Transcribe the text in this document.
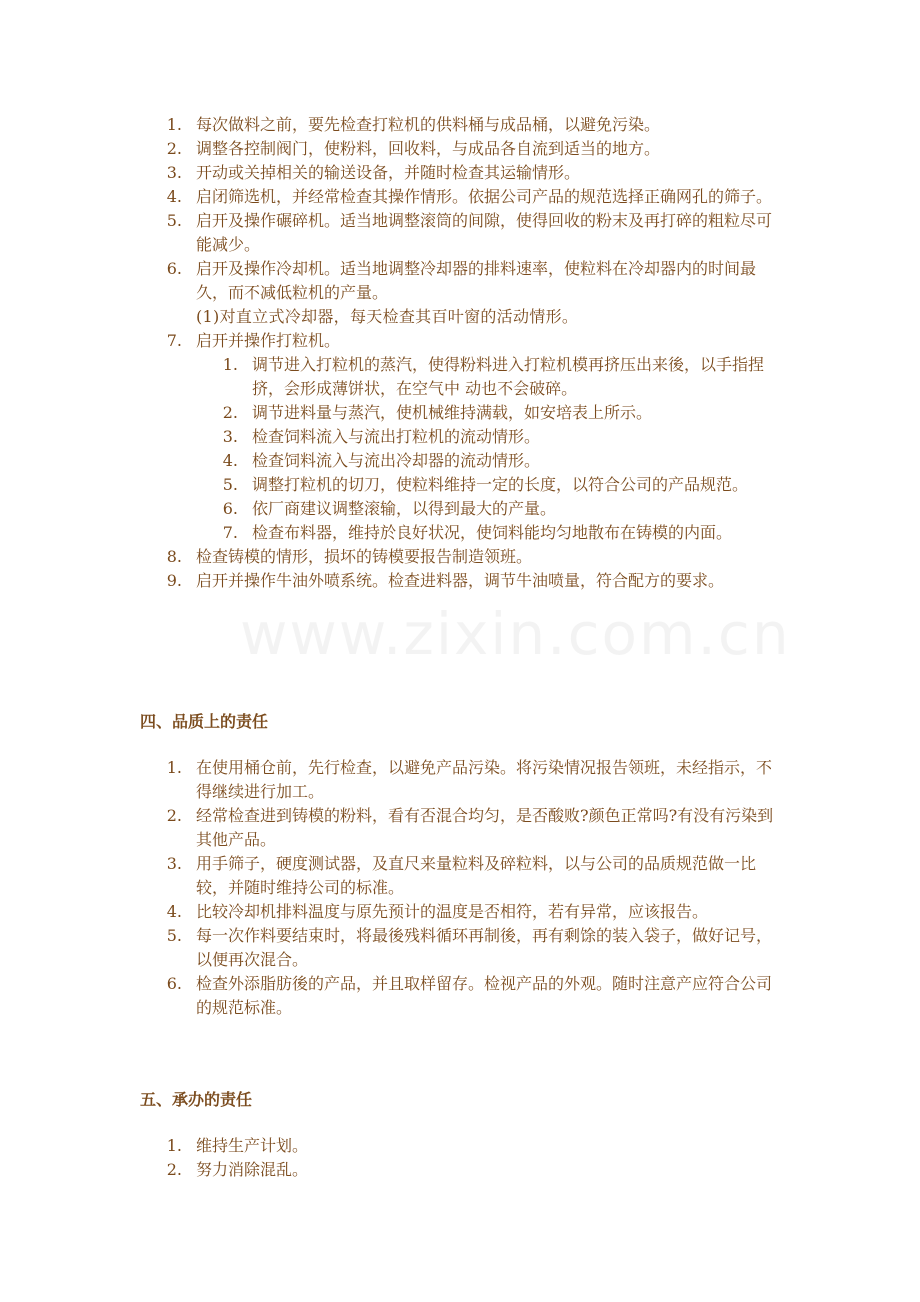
www.zixin.com.cn
1. 每次做料之前，要先检查打粒机的供料桶与成品桶，以避免污染。
2. 调整各控制阀门，使粉料，回收料，与成品各自流到适当的地方。
3. 开动或关掉相关的输送设备，并随时检查其运输情形。
4. 启闭筛选机，并经常检查其操作情形。依据公司产品的规范选择正确网孔的筛子。
5. 启开及操作碾碎机。适当地调整滚筒的间隙，使得回收的粉末及再打碎的粗粒尽可能减少。
6. 启开及操作冷却机。适当地调整冷却器的排料速率，使粒料在冷却器内的时间最久，而不减低粒机的产量。
(1)对直立式冷却器，每天检查其百叶窗的活动情形。
7. 启开并操作打粒机。
1. 调节进入打粒机的蒸汽，使得粉料进入打粒机模再挤压出来後，以手指捏挤，会形成薄饼状，在空气中 动也不会破碎。
2. 调节进料量与蒸汽，使机械维持满载，如安培表上所示。
3. 检查饲料流入与流出打粒机的流动情形。
4. 检查饲料流入与流出冷却器的流动情形。
5. 调整打粒机的切刀，使粒料维持一定的长度，以符合公司的产品规范。
6. 依厂商建议调整滚输，以得到最大的产量。
7. 检查布料器，维持於良好状况，使饲料能均匀地散布在铸模的内面。
8. 检查铸模的情形，损坏的铸模要报告制造领班。
9. 启开并操作牛油外喷系统。检查进料器，调节牛油喷量，符合配方的要求。
四、品质上的责任
1. 在使用桶仓前，先行检查，以避免产品污染。将污染情况报告领班，未经指示，不得继续进行加工。
2. 经常检查进到铸模的粉料，看有否混合均匀，是否酸败?颜色正常吗?有没有污染到其他产品。
3. 用手筛子，硬度测试器，及直尺来量粒料及碎粒料，以与公司的品质规范做一比较，并随时维持公司的标准。
4. 比较冷却机排料温度与原先预计的温度是否相符，若有异常，应该报告。
5. 每一次作料要结束时，将最後残料循环再制後，再有剩馀的装入袋子，做好记号，以便再次混合。
6. 检查外添脂肪後的产品，并且取样留存。检视产品的外观。随时注意产应符合公司的规范标准。
五、承办的责任
1. 维持生产计划。
2. 努力消除混乱。
